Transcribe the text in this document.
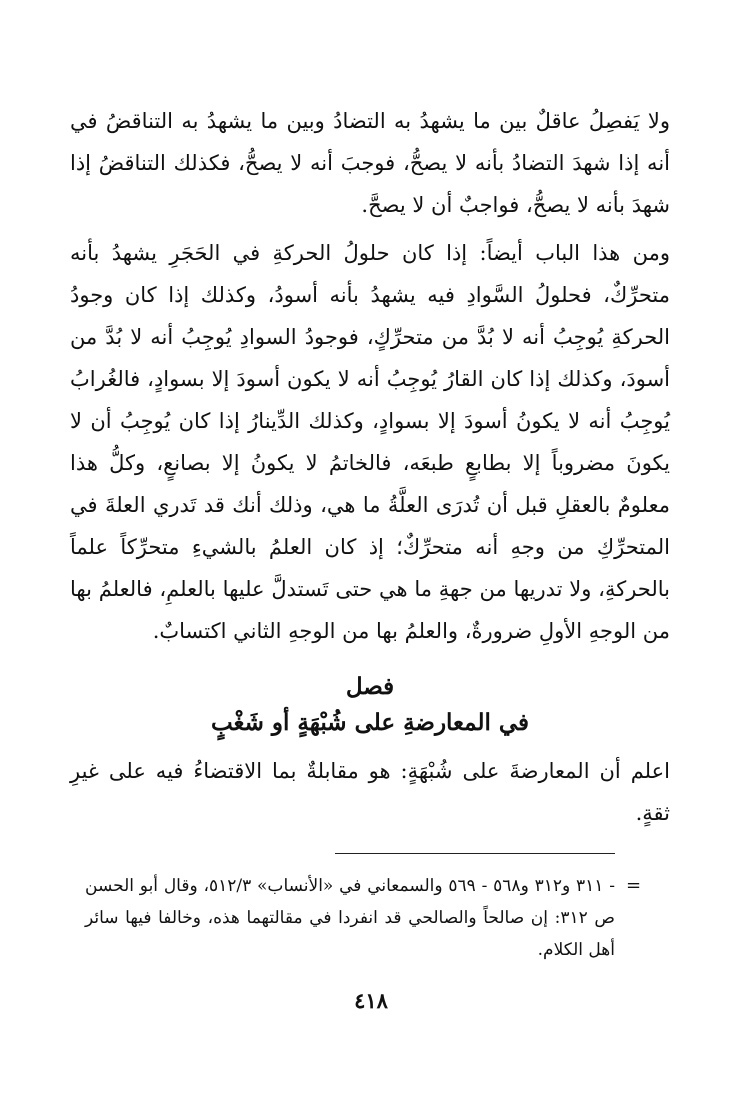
ولا يَفصِلُ عاقلٌ بين ما يشهدُ به التضادُ وبين ما يشهدُ به التناقضُ في أنه إذا شهدَ التضادُ بأنه لا يصحُّ، فوجبَ أنه لا يصحُّ، فكذلك التناقضُ إذا شهدَ بأنه لا يصحُّ، فواجبٌ أن لا يصحَّ.

ومن هذا الباب أيضاً: إذا كان حلولُ الحركةِ في الحَجَرِ يشهدُ بأنه متحرِّكٌ، فحلولُ السَّوادِ فيه يشهدُ بأنه أسودُ، وكذلك إذا كان وجودُ الحركةِ يُوجِبُ أنه لا بُدَّ من متحرِّكٍ، فوجودُ السوادِ يُوجِبُ أنه لا بُدَّ من أسودَ، وكذلك إذا كان القارُ يُوجِبُ أنه لا يكون أسودَ إلا بسوادٍ، فالغُرابُ يُوجِبُ أنه لا يكونُ أسودَ إلا بسوادٍ، وكذلك الدِّينارُ إذا كان يُوجِبُ أن لا يكونَ مضروباً إلا بطابعٍ طبعَه، فالخاتمُ لا يكونُ إلا بصانعٍ، وكلُّ هذا معلومٌ بالعقلِ قبل أن تُدرَى العلَّةُ ما هي، وذلك أنك قد تَدري العلةَ في المتحرِّكِ من وجهِ أنه متحرِّكٌ؛ إذ كان العلمُ بالشيءِ متحرِّكاً علماً بالحركةِ، ولا تدريها من جهةِ ما هي حتى تَستدلَّ عليها بالعلمِ، فالعلمُ بها من الوجهِ الأولِ ضرورةٌ، والعلمُ بها من الوجهِ الثاني اكتسابٌ.

فصل
في المعارضةِ على شُبْهَةٍ أو شَغْبٍ

اعلم أن المعارضةَ على شُبْهَةٍ: هو مقابلةٌ بما الاقتضاءُ فيه على غيرِ ثقةٍ.

=

- ٣١١ و٣١٢ و٥٦٨ - ٥٦٩ والسمعاني في «الأنساب» ٥١٢/٣، وقال أبو الحسن ص ٣١٢: إن صالحاً والصالحي قد انفردا في مقالتهما هذه، وخالفا فيها سائر أهل الكلام.

٤١٨
